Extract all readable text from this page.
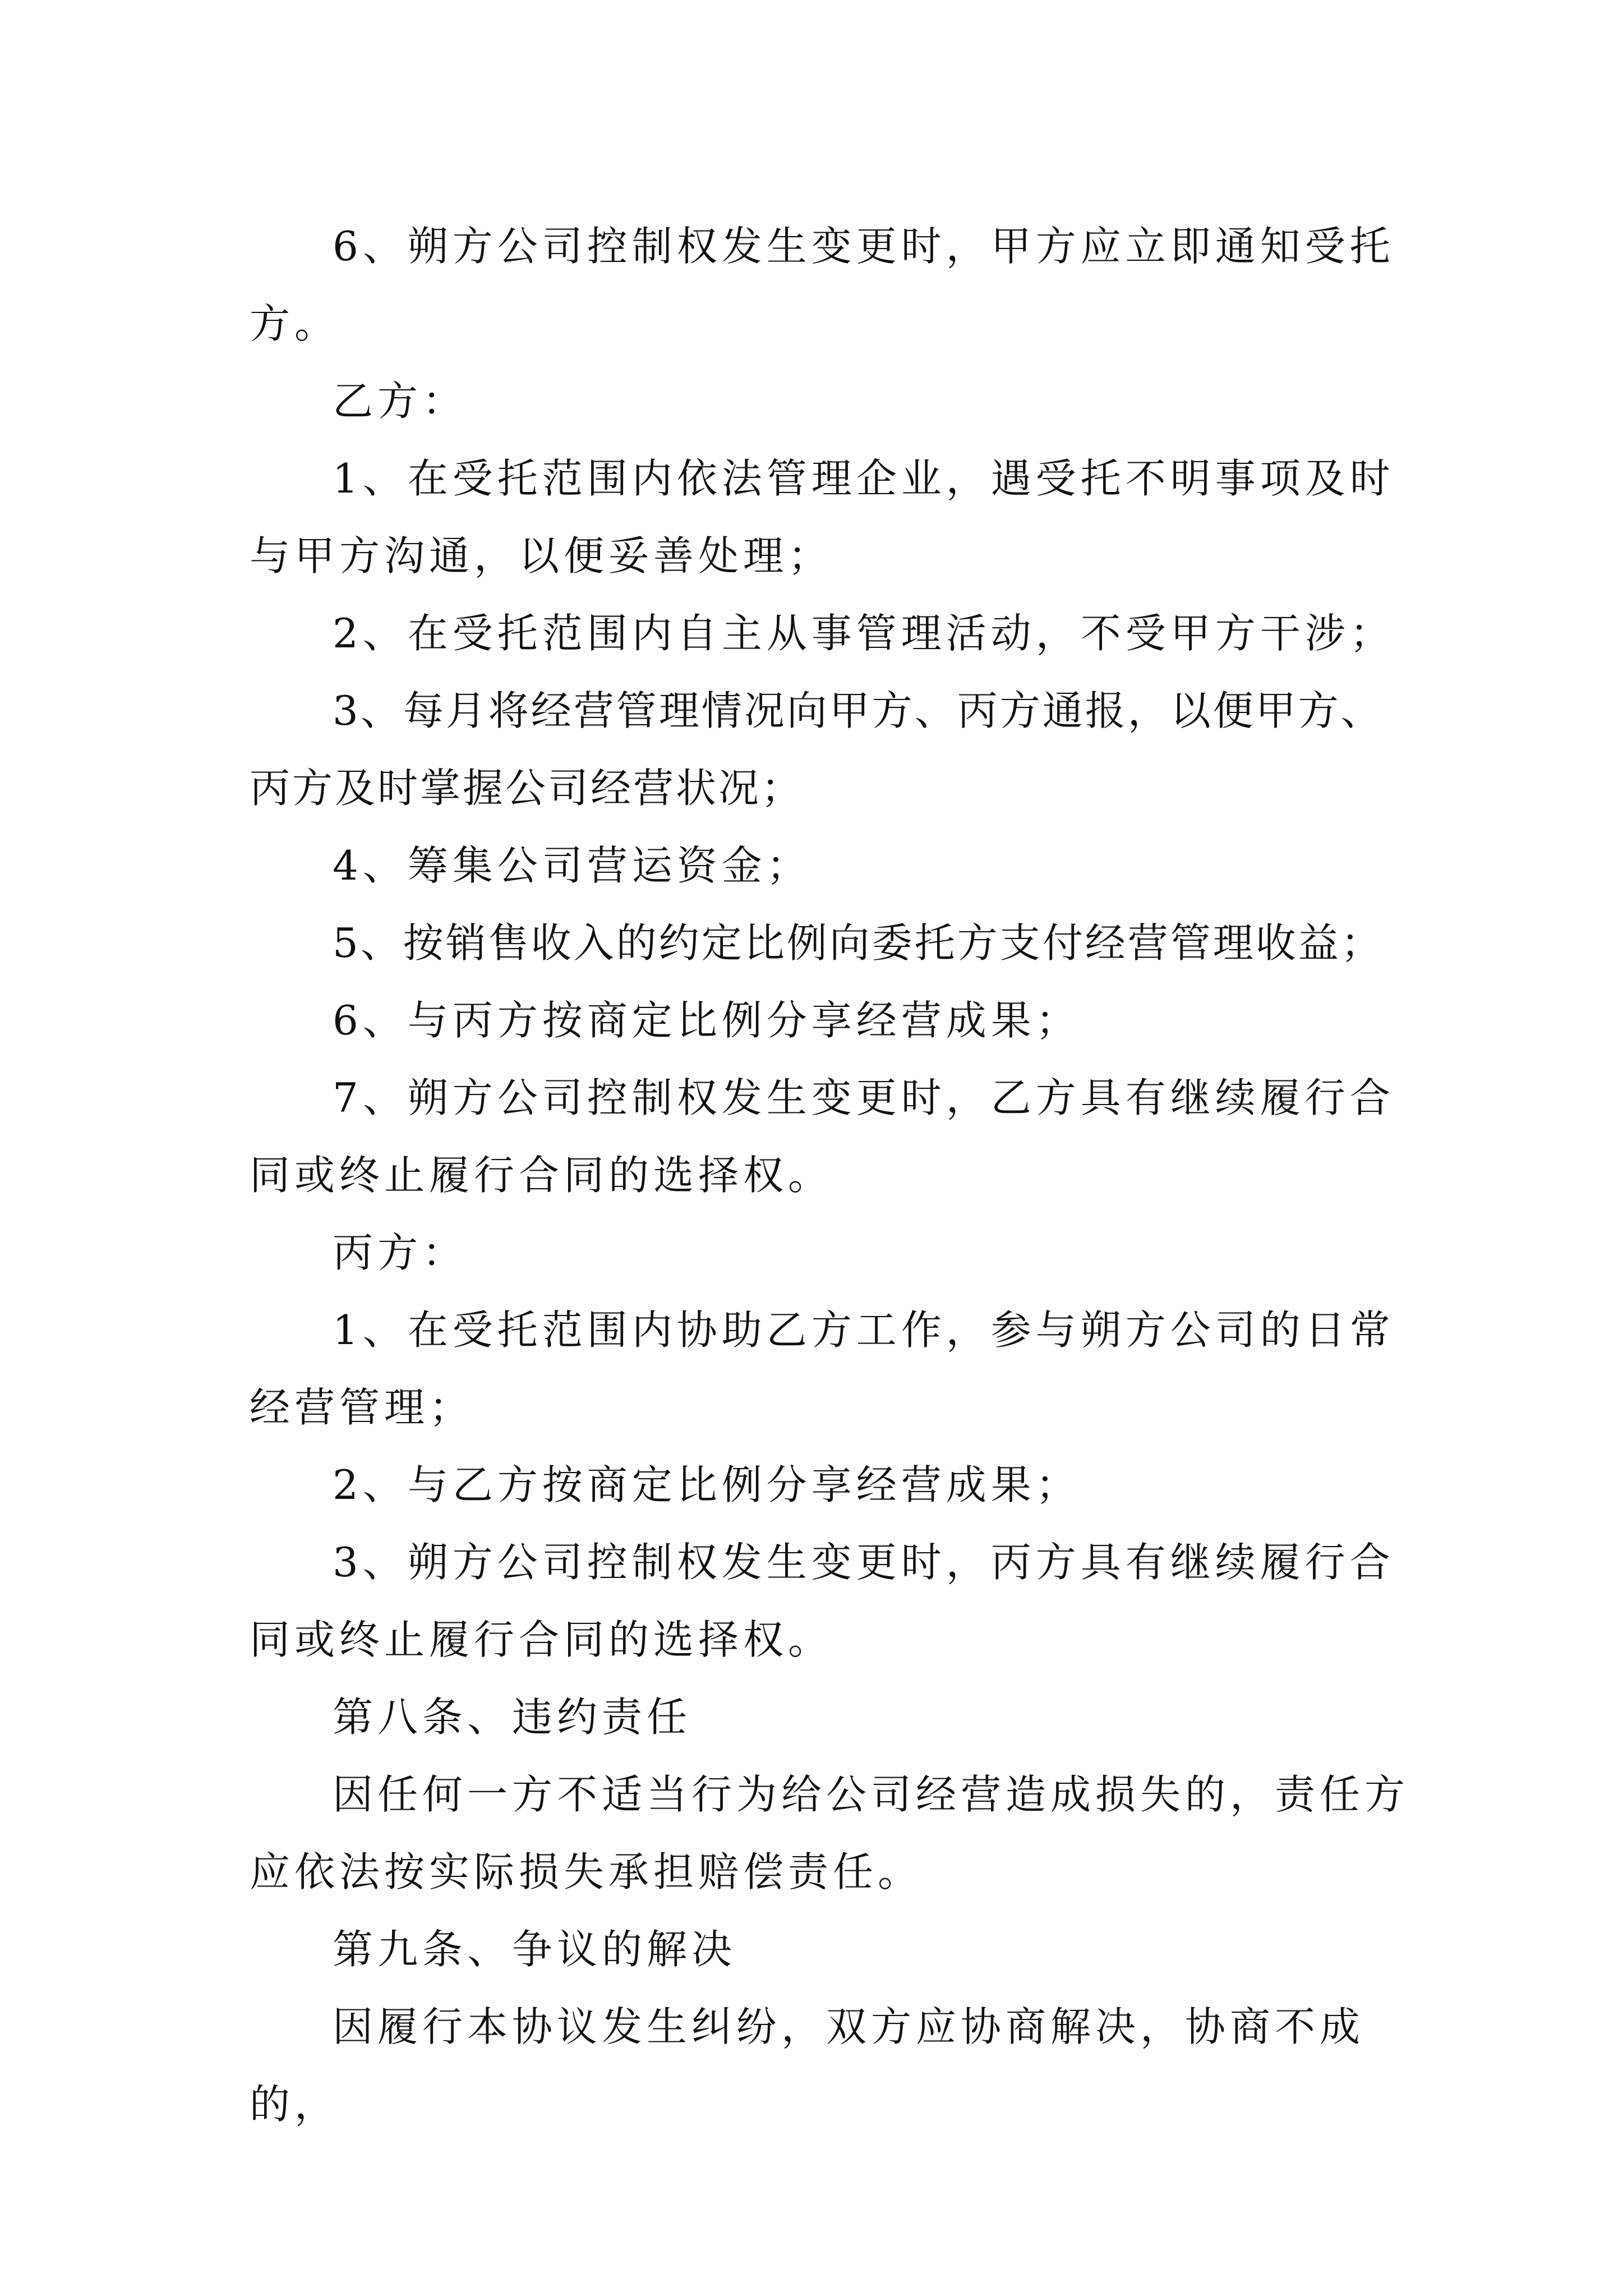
6、朔方公司控制权发生变更时，甲方应立即通知受托方。

乙方：

1、在受托范围内依法管理企业，遇受托不明事项及时与甲方沟通，以便妥善处理；

2、在受托范围内自主从事管理活动，不受甲方干涉；

3、每月将经营管理情况向甲方、丙方通报，以便甲方、丙方及时掌握公司经营状况；

4、筹集公司营运资金；

5、按销售收入的约定比例向委托方支付经营管理收益；

6、与丙方按商定比例分享经营成果；

7、朔方公司控制权发生变更时，乙方具有继续履行合同或终止履行合同的选择权。

丙方：

1、在受托范围内协助乙方工作，参与朔方公司的日常经营管理；

2、与乙方按商定比例分享经营成果；

3、朔方公司控制权发生变更时，丙方具有继续履行合同或终止履行合同的选择权。

第八条、违约责任

因任何一方不适当行为给公司经营造成损失的，责任方应依法按实际损失承担赔偿责任。

第九条、争议的解决

因履行本协议发生纠纷，双方应协商解决，协商不成的，
